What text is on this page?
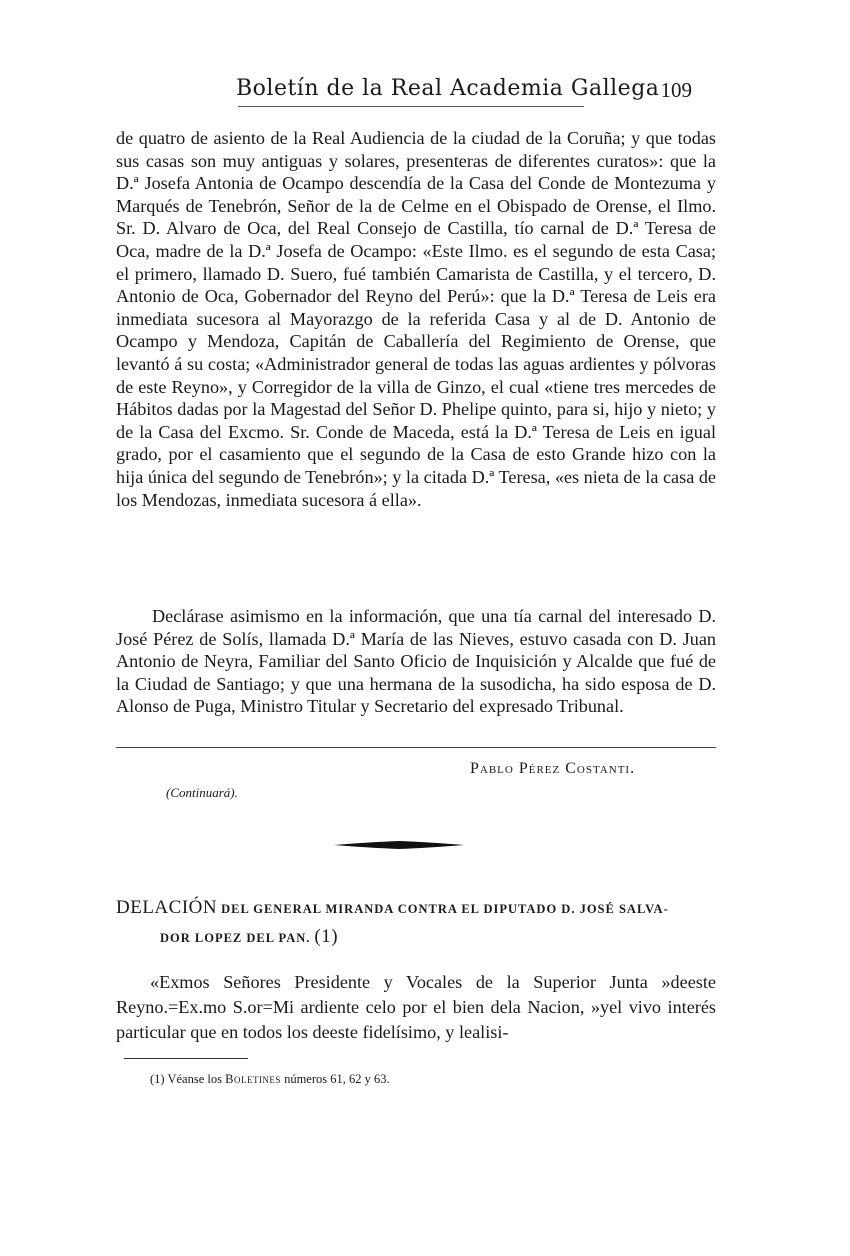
Boletín de la Real Academia Gallega 109

de quatro de asiento de la Real Audiencia de la ciudad de la Coruña; y que todas sus casas son muy antiguas y solares, presenteras de diferentes curatos»: que la D.ª Josefa Antonia de Ocampo descendía de la Casa del Conde de Montezuma y Marqués de Tenebrón, Señor de la de Celme en el Obispado de Orense, el Ilmo. Sr. D. Alvaro de Oca, del Real Consejo de Castilla, tío carnal de D.ª Teresa de Oca, madre de la D.ª Josefa de Ocampo: «Este Ilmo. es el segundo de esta Casa; el primero, llamado D. Suero, fué también Camarista de Castilla, y el tercero, D. Antonio de Oca, Gobernador del Reyno del Perú»: que la D.ª Teresa de Leis era inmediata sucesora al Mayorazgo de la referida Casa y al de D. Antonio de Ocampo y Mendoza, Capitán de Caballería del Regimiento de Orense, que levantó á su costa; «Administrador general de todas las aguas ardientes y pólvoras de este Reyno», y Corregidor de la villa de Ginzo, el cual «tiene tres mercedes de Hábitos dadas por la Magestad del Señor D. Phelipe quinto, para si, hijo y nieto; y de la Casa del Excmo. Sr. Conde de Maceda, está la D.ª Teresa de Leis en igual grado, por el casamiento que el segundo de la Casa de esto Grande hizo con la hija única del segundo de Tenebrón»; y la citada D.ª Teresa, «es nieta de la casa de los Mendozas, inmediata sucesora á ella».

Declárase asimismo en la información, que una tía carnal del interesado D. José Pérez de Solís, llamada D.ª María de las Nieves, estuvo casada con D. Juan Antonio de Neyra, Familiar del Santo Oficio de Inquisición y Alcalde que fué de la Ciudad de Santiago; y que una hermana de la susodicha, ha sido esposa de D. Alonso de Puga, Ministro Titular y Secretario del expresado Tribunal.

Pablo Pérez Costanti.
(Continuará).

DELACIÓN DEL GENERAL MIRANDA CONTRA EL DIPUTADO D. JOSÉ SALVA-
DOR LOPEZ DEL PAN. (1)

«Exmos Señores Presidente y Vocales de la Superior Junta »deeste Reyno.=Ex.mo S.or=Mi ardiente celo por el bien dela Nacion, »yel vivo interés particular que en todos los deeste fidelísimo, y lealisi-

(1) Véanse los Boletines números 61, 62 y 63.
